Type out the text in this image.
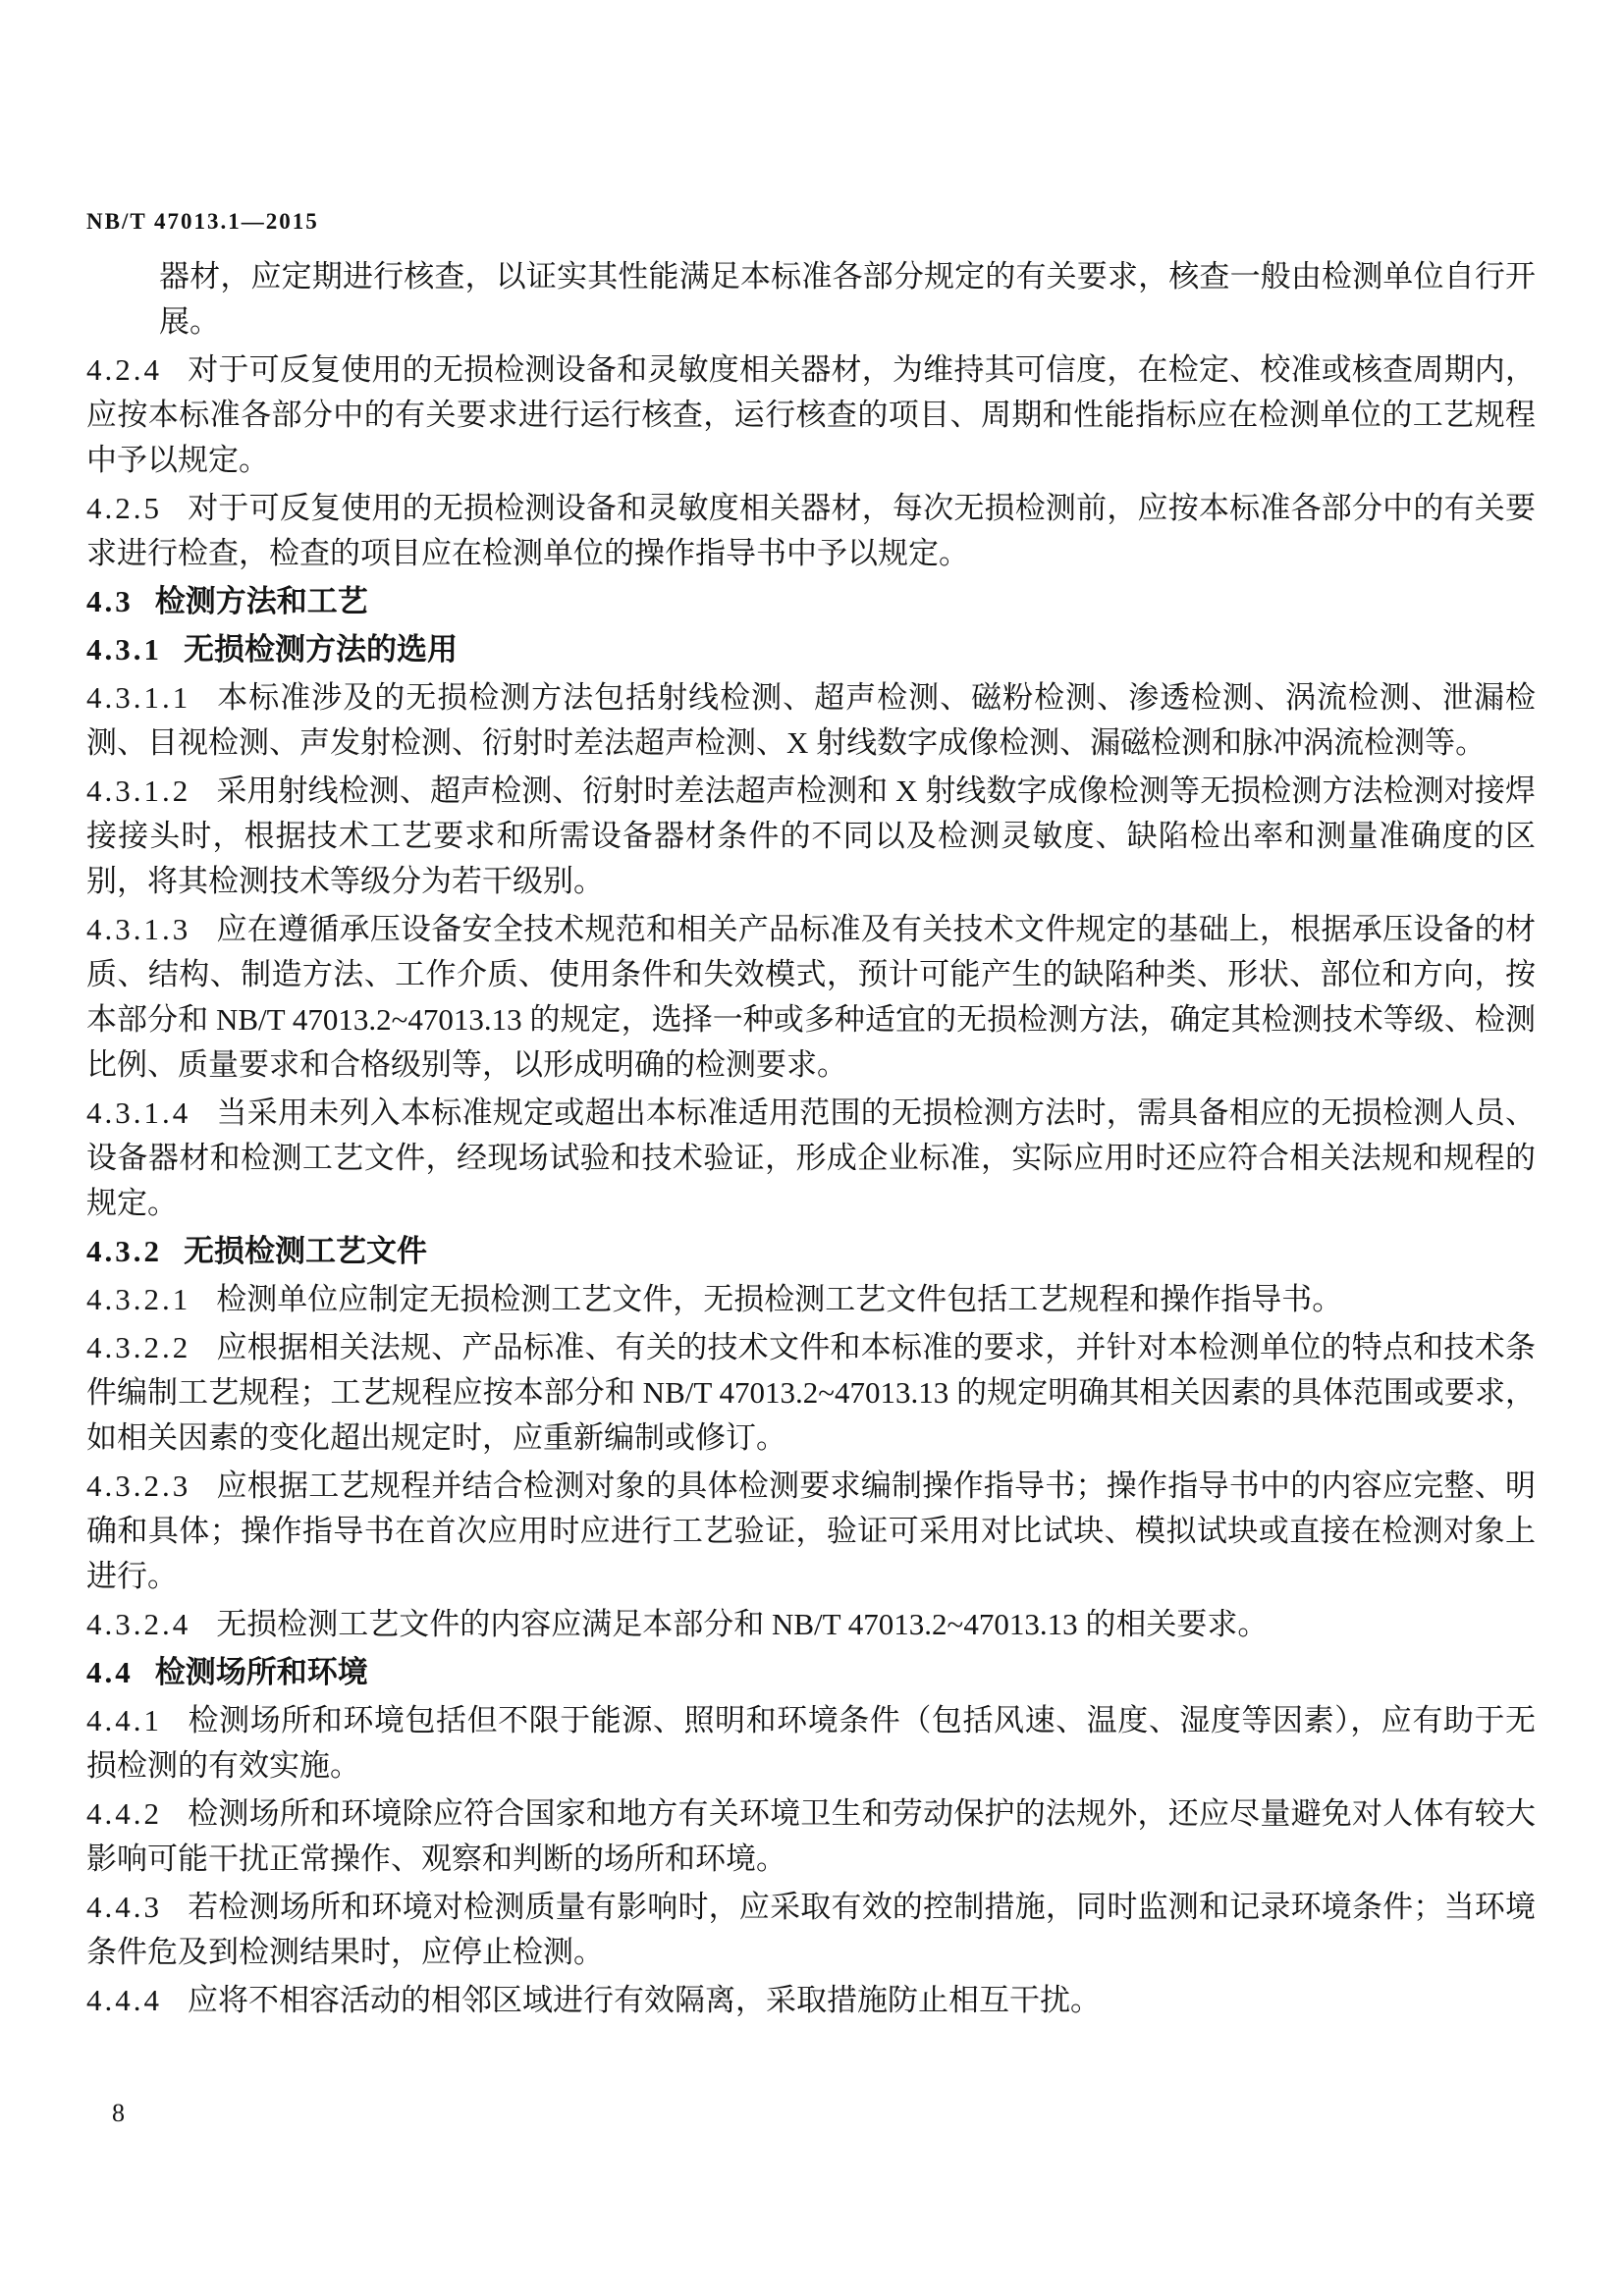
NB/T 47013.1—2015

器材，应定期进行核查，以证实其性能满足本标准各部分规定的有关要求，核查一般由检测单位自行开展。

4.2.4 对于可反复使用的无损检测设备和灵敏度相关器材，为维持其可信度，在检定、校准或核查周期内，应按本标准各部分中的有关要求进行运行核查，运行核查的项目、周期和性能指标应在检测单位的工艺规程中予以规定。

4.2.5 对于可反复使用的无损检测设备和灵敏度相关器材，每次无损检测前，应按本标准各部分中的有关要求进行检查，检查的项目应在检测单位的操作指导书中予以规定。

4.3 检测方法和工艺

4.3.1 无损检测方法的选用

4.3.1.1 本标准涉及的无损检测方法包括射线检测、超声检测、磁粉检测、渗透检测、涡流检测、泄漏检测、目视检测、声发射检测、衍射时差法超声检测、X 射线数字成像检测、漏磁检测和脉冲涡流检测等。

4.3.1.2 采用射线检测、超声检测、衍射时差法超声检测和 X 射线数字成像检测等无损检测方法检测对接焊接接头时，根据技术工艺要求和所需设备器材条件的不同以及检测灵敏度、缺陷检出率和测量准确度的区别，将其检测技术等级分为若干级别。

4.3.1.3 应在遵循承压设备安全技术规范和相关产品标准及有关技术文件规定的基础上，根据承压设备的材质、结构、制造方法、工作介质、使用条件和失效模式，预计可能产生的缺陷种类、形状、部位和方向，按本部分和 NB/T 47013.2~47013.13 的规定，选择一种或多种适宜的无损检测方法，确定其检测技术等级、检测比例、质量要求和合格级别等，以形成明确的检测要求。

4.3.1.4 当采用未列入本标准规定或超出本标准适用范围的无损检测方法时，需具备相应的无损检测人员、设备器材和检测工艺文件，经现场试验和技术验证，形成企业标准，实际应用时还应符合相关法规和规程的规定。

4.3.2 无损检测工艺文件

4.3.2.1 检测单位应制定无损检测工艺文件，无损检测工艺文件包括工艺规程和操作指导书。

4.3.2.2 应根据相关法规、产品标准、有关的技术文件和本标准的要求，并针对本检测单位的特点和技术条件编制工艺规程；工艺规程应按本部分和 NB/T 47013.2~47013.13 的规定明确其相关因素的具体范围或要求，如相关因素的变化超出规定时，应重新编制或修订。

4.3.2.3 应根据工艺规程并结合检测对象的具体检测要求编制操作指导书；操作指导书中的内容应完整、明确和具体；操作指导书在首次应用时应进行工艺验证，验证可采用对比试块、模拟试块或直接在检测对象上进行。

4.3.2.4 无损检测工艺文件的内容应满足本部分和 NB/T 47013.2~47013.13 的相关要求。

4.4 检测场所和环境

4.4.1 检测场所和环境包括但不限于能源、照明和环境条件（包括风速、温度、湿度等因素），应有助于无损检测的有效实施。

4.4.2 检测场所和环境除应符合国家和地方有关环境卫生和劳动保护的法规外，还应尽量避免对人体有较大影响可能干扰正常操作、观察和判断的场所和环境。

4.4.3 若检测场所和环境对检测质量有影响时，应采取有效的控制措施，同时监测和记录环境条件；当环境条件危及到检测结果时，应停止检测。

4.4.4 应将不相容活动的相邻区域进行有效隔离，采取措施防止相互干扰。

8
